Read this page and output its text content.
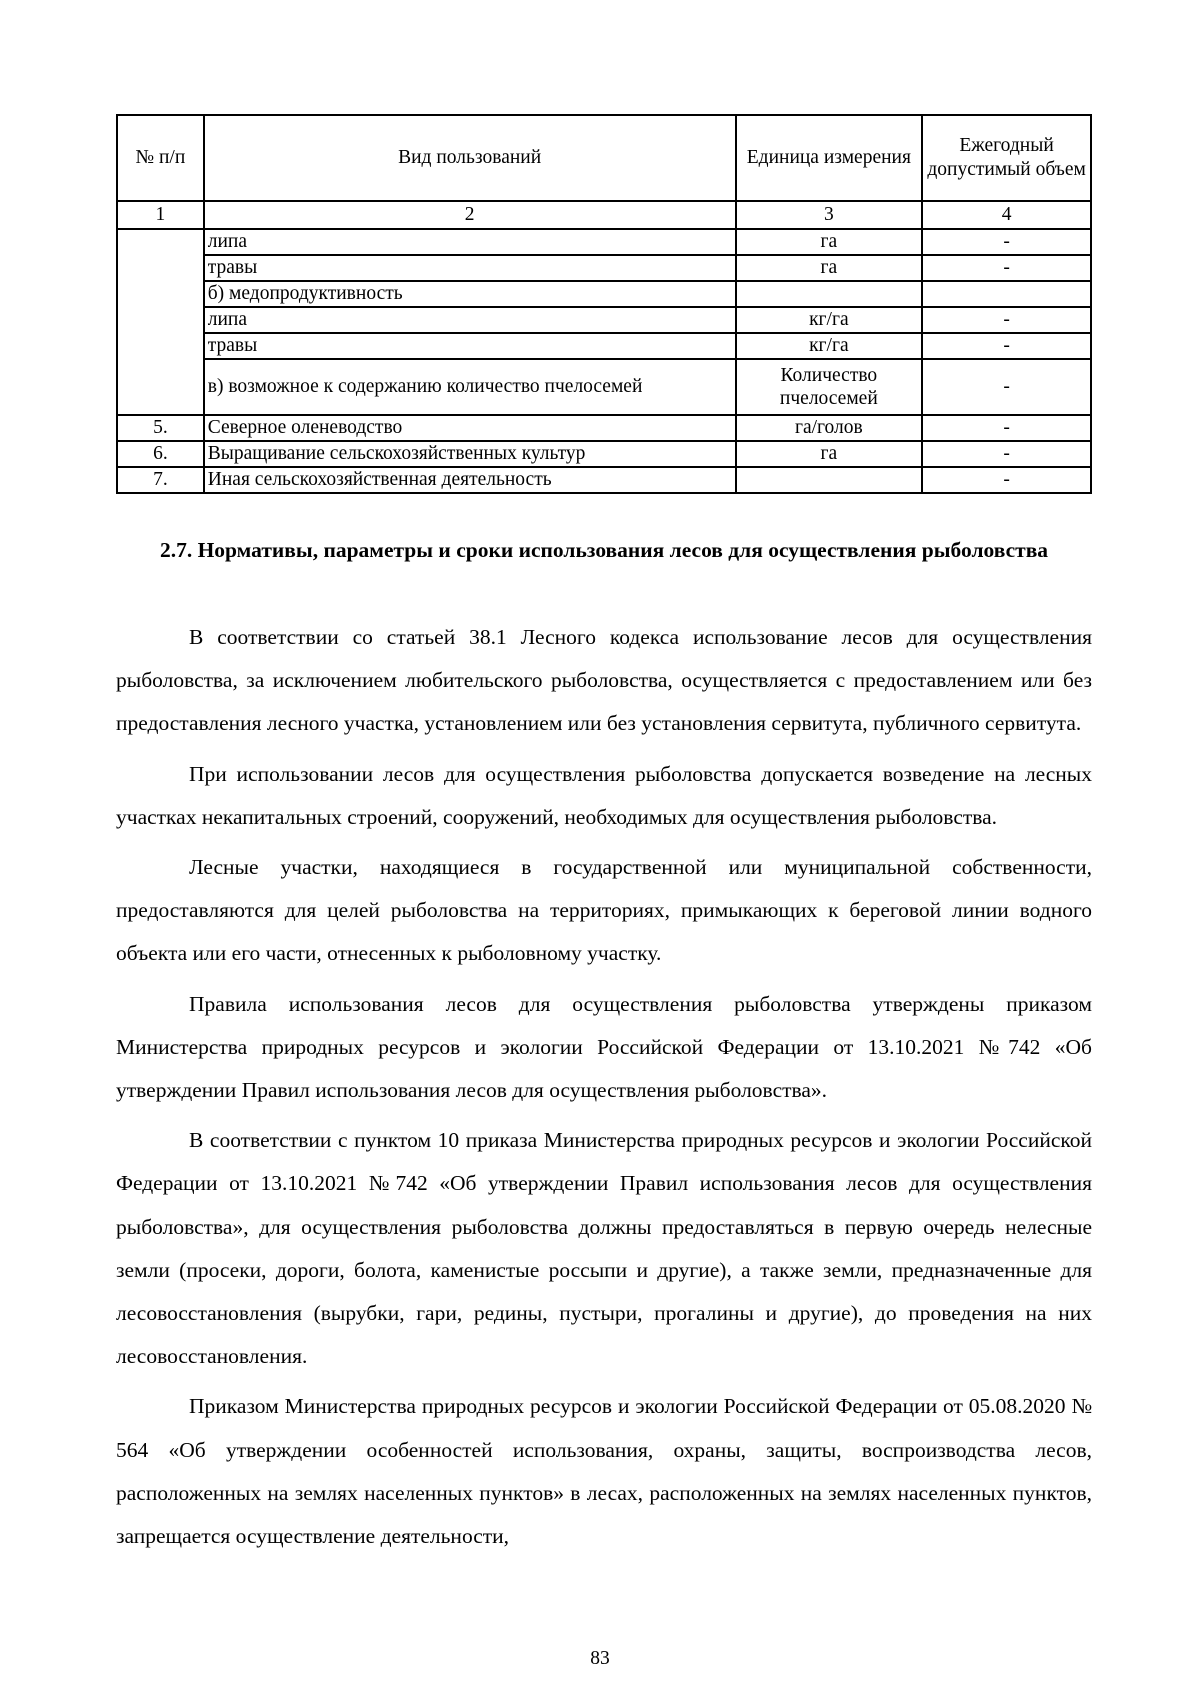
№ п/п	Вид пользований	Единица измерения	Ежегодный допустимый объем
1	2	3	4
	липа	га	-
	травы	га	-
	б) медопродуктивность		
	липа	кг/га	-
	травы	кг/га	-
	в) возможное к содержанию количество пчелосемей	Количество пчелосемей	-
5.	Северное оленеводство	га/голов	-
6.	Выращивание сельскохозяйственных культур	га	-
7.	Иная сельскохозяйственная деятельность		-
2.7. Нормативы, параметры и сроки использования лесов для осуществления рыболовства

В соответствии со статьей 38.1 Лесного кодекса использование лесов для осуществления рыболовства, за исключением любительского рыболовства, осуществляется с предоставлением или без предоставления лесного участка, установлением или без установления сервитута, публичного сервитута.

При использовании лесов для осуществления рыболовства допускается возведение на лесных участках некапитальных строений, сооружений, необходимых для осуществления рыболовства.

Лесные участки, находящиеся в государственной или муниципальной собственности, предоставляются для целей рыболовства на территориях, примыкающих к береговой линии водного объекта или его части, отнесенных к рыболовному участку.

Правила использования лесов для осуществления рыболовства утверждены приказом Министерства природных ресурсов и экологии Российской Федерации от 13.10.2021 №742 «Об утверждении Правил использования лесов для осуществления рыболовства».

В соответствии с пунктом 10 приказа Министерства природных ресурсов и экологии Российской Федерации от 13.10.2021 №742 «Об утверждении Правил использования лесов для осуществления рыболовства», для осуществления рыболовства должны предоставляться в первую очередь нелесные земли (просеки, дороги, болота, каменистые россыпи и другие), а также земли, предназначенные для лесовосстановления (вырубки, гари, редины, пустыри, прогалины и другие), до проведения на них лесовосстановления.

Приказом Министерства природных ресурсов и экологии Российской Федерации от 05.08.2020 № 564 «Об утверждении особенностей использования, охраны, защиты, воспроизводства лесов, расположенных на землях населенных пунктов» в лесах, расположенных на землях населенных пунктов, запрещается осуществление деятельности,

83
